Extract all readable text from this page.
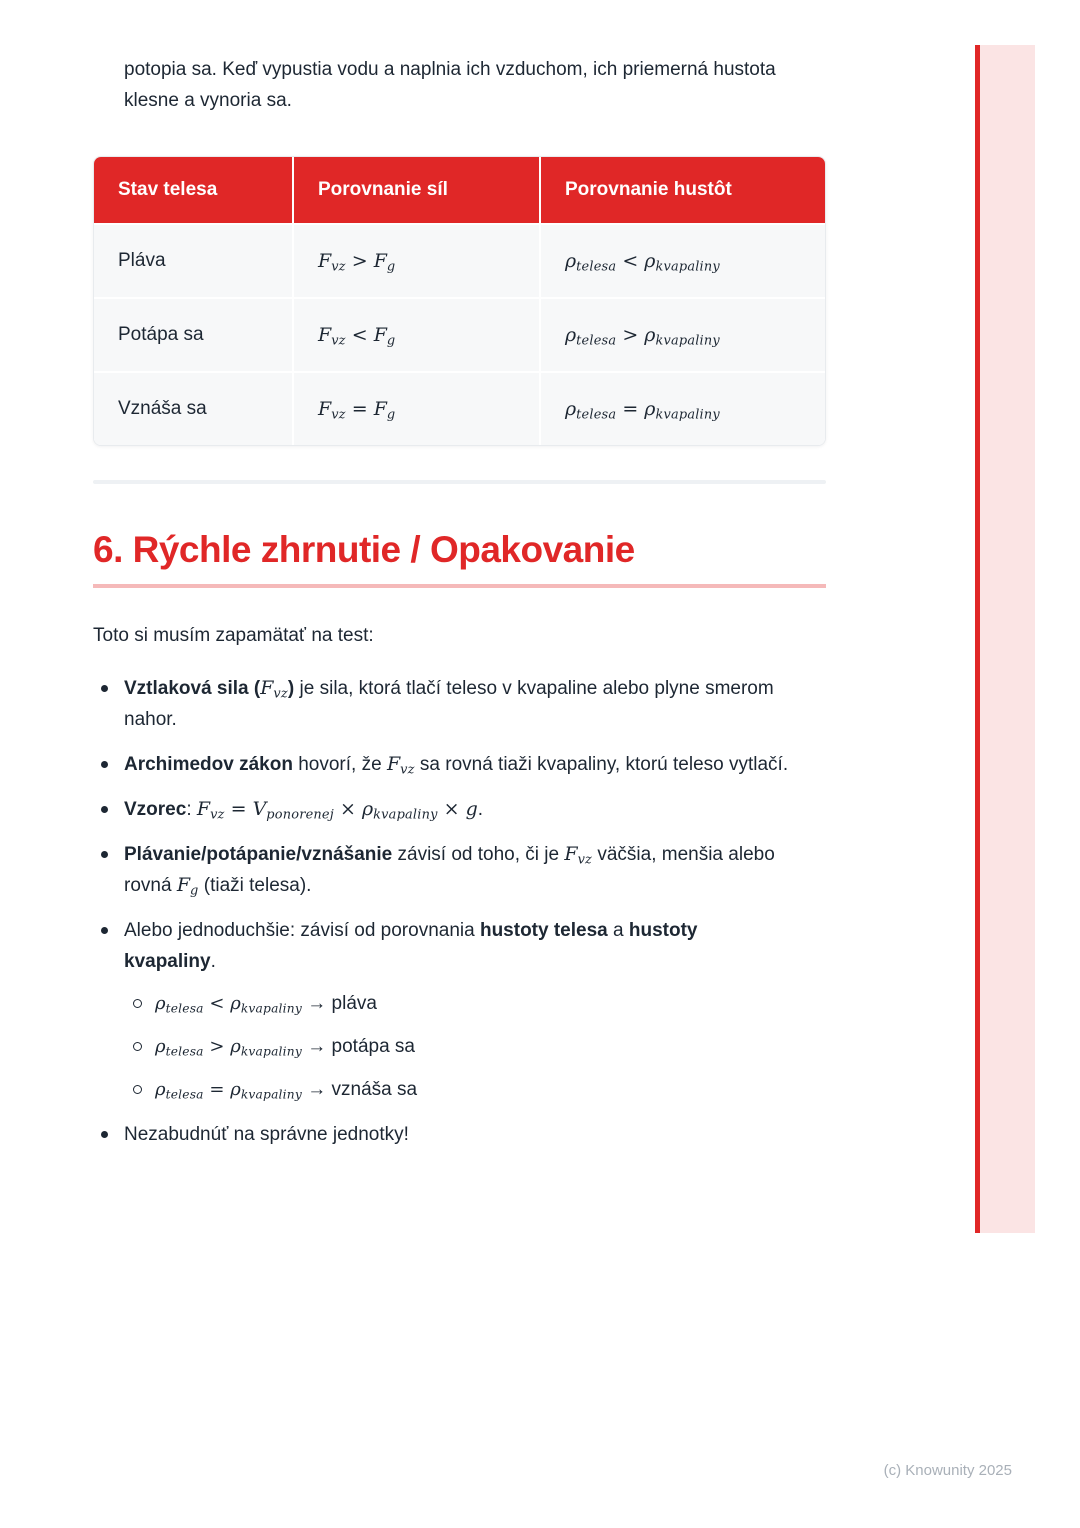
potopia sa. Keď vypustia vodu a naplnia ich vzduchom, ich priemerná hustota klesne a vynoria sa.

Stav telesa	Porovnanie síl	Porovnanie hustôt
Pláva	$F_{vz} > F_g$	$\rho_{telesa} < \rho_{kvapaliny}$
Potápa sa	$F_{vz} < F_g$	$\rho_{telesa} > \rho_{kvapaliny}$
Vznáša sa	$F_{vz} = F_g$	$\rho_{telesa} = \rho_{kvapaliny}$
6. Rýchle zhrnutie / Opakovanie

Toto si musím zapamätať na test:

Vztlaková sila $(F_{vz})$ je sila, ktorá tlačí teleso v kvapaline alebo plyne smerom nahor.
Archimedov zákon hovorí, že $F_{vz}$ sa rovná tiaži kvapaliny, ktorú teleso vytlačí.
Vzorec: $F_{vz} = V_{ponorenej} \times \rho_{kvapaliny} \times g$.
Plávanie/potápanie/vznášanie závisí od toho, či je $F_{vz}$ väčšia, menšia alebo rovná $F_g$ (tiaži telesa).
Alebo jednoduchšie: závisí od porovnania hustoty telesa a hustoty kvapaliny.
$\rho_{telesa} < \rho_{kvapaliny}$ → pláva
$\rho_{telesa} > \rho_{kvapaliny}$ → potápa sa
$\rho_{telesa} = \rho_{kvapaliny}$ → vznáša sa
Nezabudnúť na správne jednotky!
(c) Knowunity 2025
